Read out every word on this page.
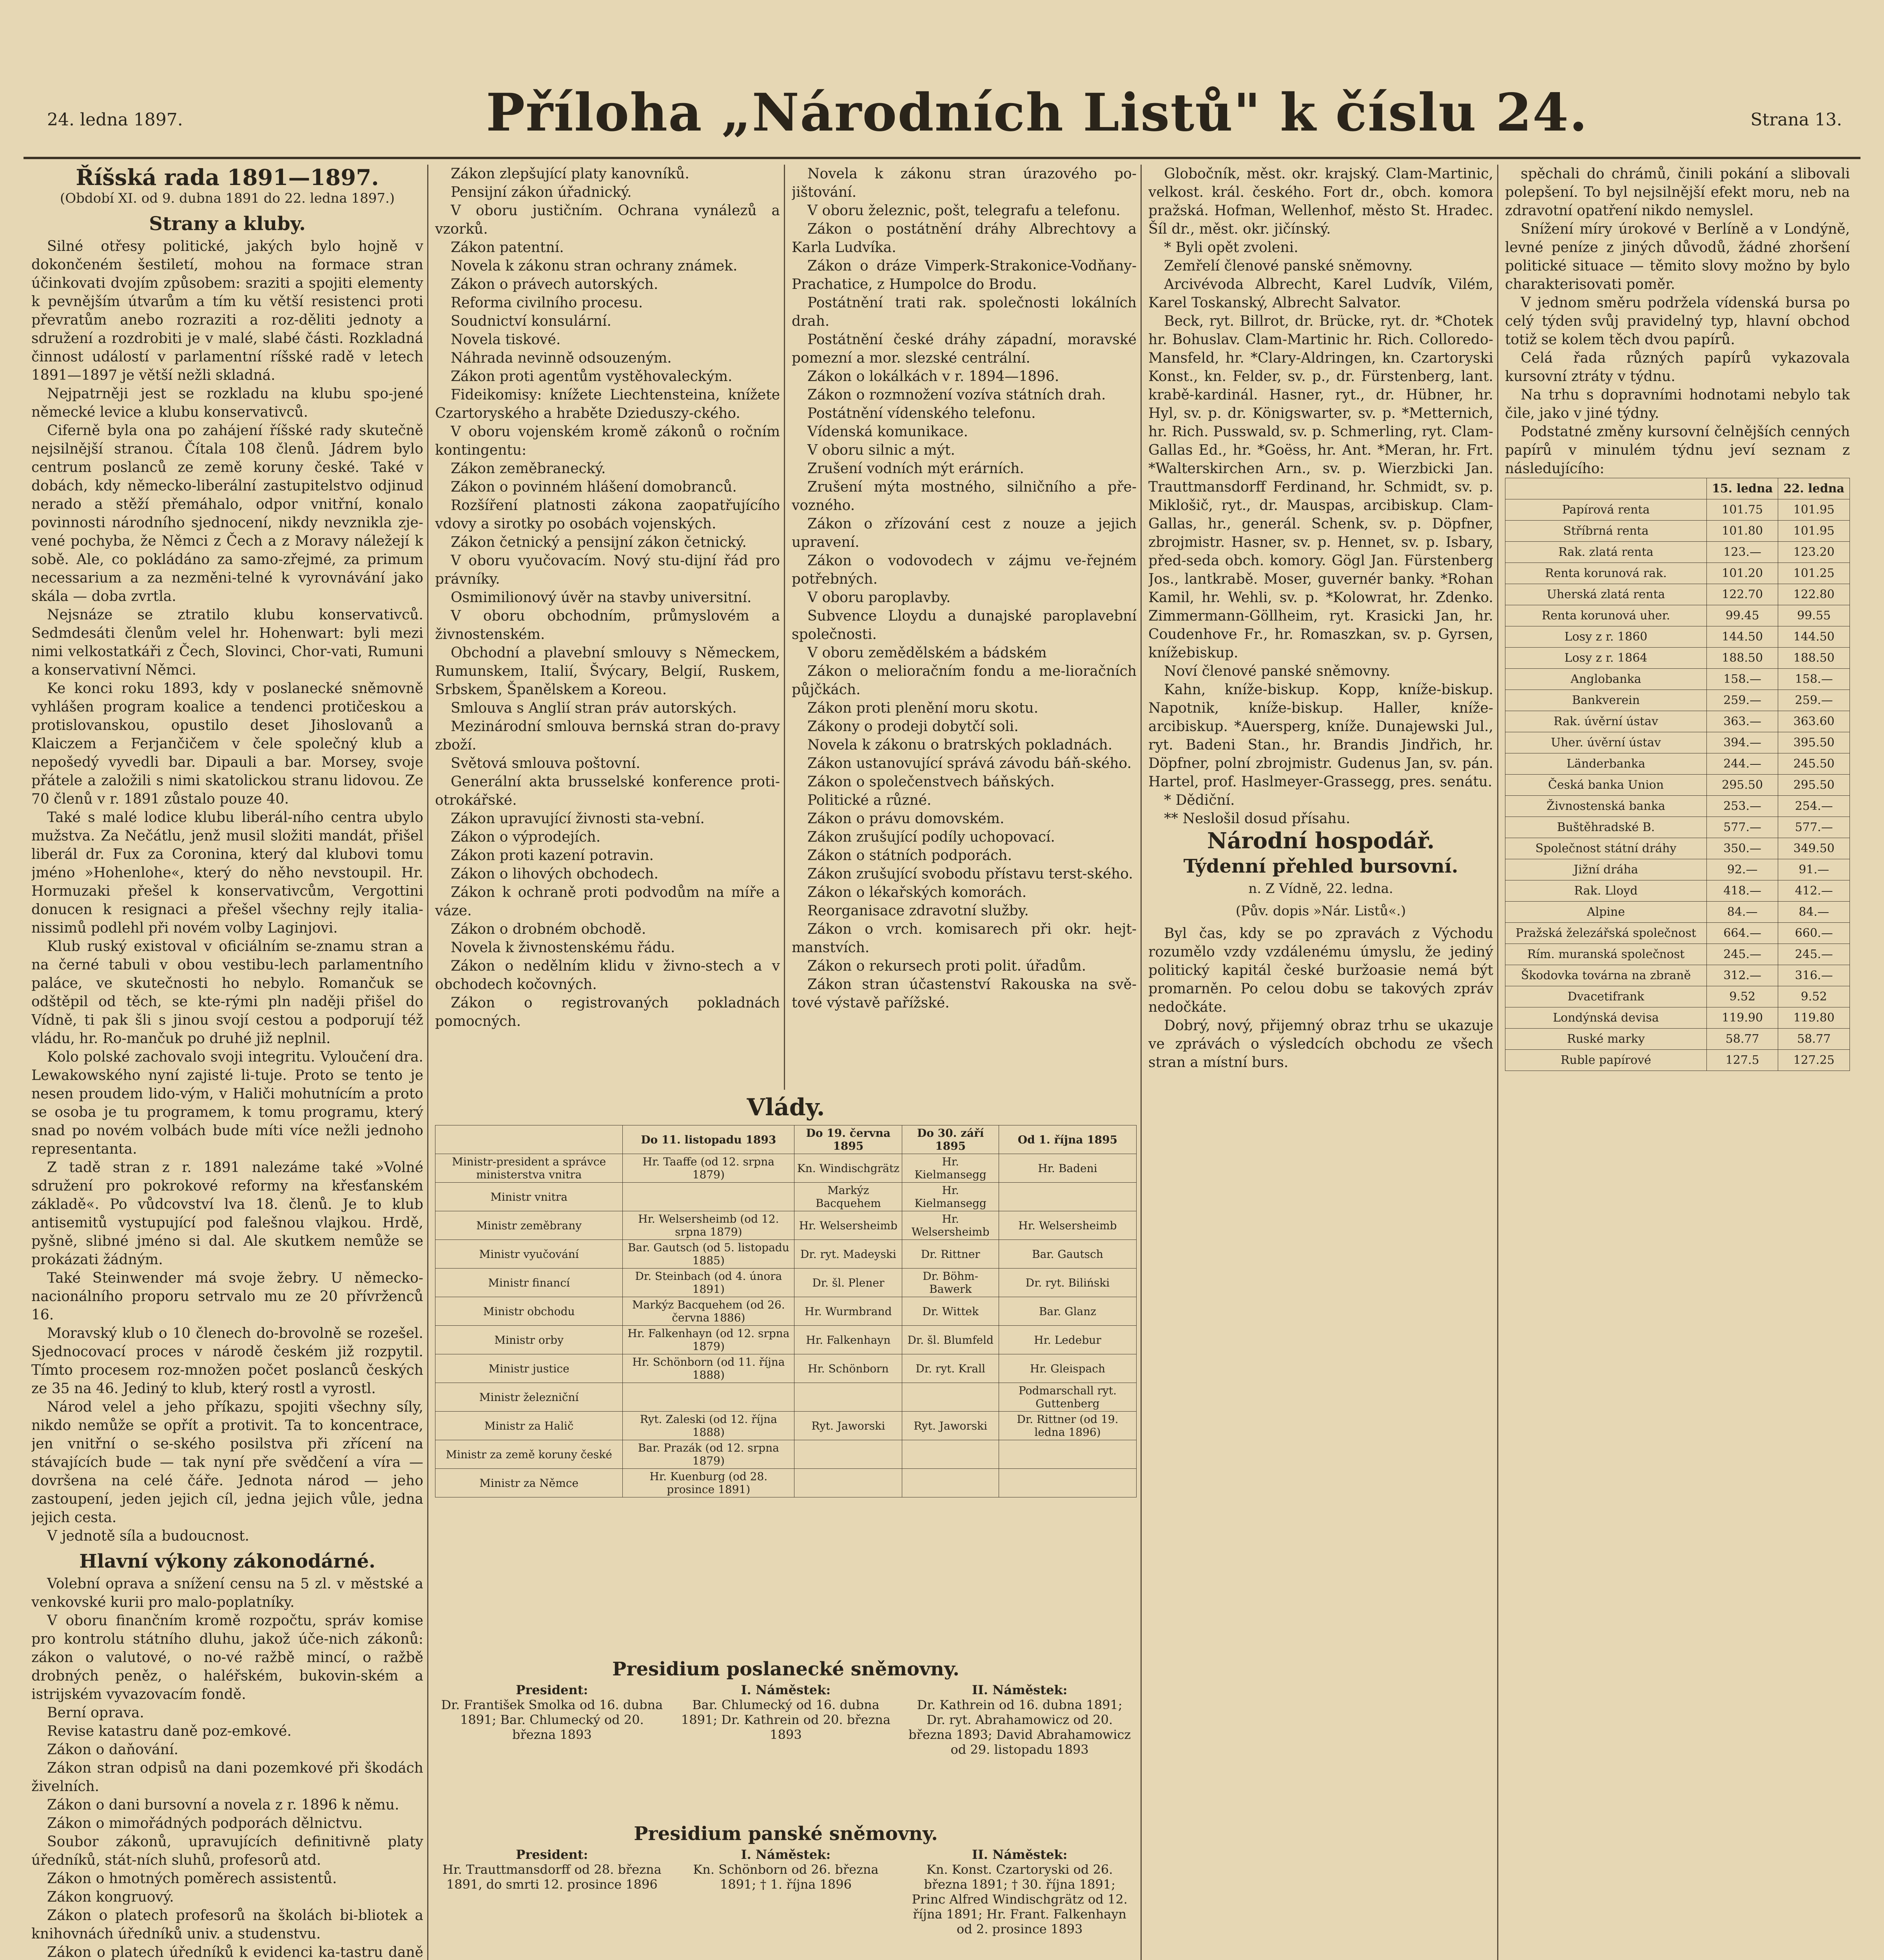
24. ledna 1897.	Příloha „Národních Listů" k číslu 24.	Strana 13.
Říšská rada 1891—1897.
(Období XI. od 9. dubna 1891 do 22. ledna 1897.)
Strany a kluby.

Silné otřesy politické, jakých bylo hojně v dokončeném šestiletí, mohou na formace stran účinkovati dvojím způsobem: sraziti a spojiti elementy k pevnějším útvarům a tím ku větší resistenci proti převratům anebo rozraziti a roz-děliti jednoty a sdružení a rozdrobiti je v malé, slabé části. Rozkladná činnost událostí v parlamentní ríšské radě v letech 1891—1897 je větší nežli skladná.

Nejpatrněji jest se rozkladu na klubu spo-jené německé levice a klubu konservativců.

Ciferně byla ona po zahájení říšské rady skutečně nejsilnější stranou. Čítala 108 členů. Jádrem bylo centrum poslanců ze země koruny české. Také v dobách, kdy německo-liberální zastupitelstvo odjinud nerado a stěží přemáhalo, odpor vnitřní, konalo povinnosti národního sjednocení, nikdy nevznikla zje-vené pochyba, že Němci z Čech a z Moravy náležejí k sobě. Ale, co pokládáno za samo-zřejmé, za primum necessarium a za nezměni-telné k vyrovnávání jako skála — doba zvrtla.

Nejsnáze se ztratilo klubu konservativců. Sedmdesáti členům velel hr. Hohenwart: byli mezi nimi velkostatkáři z Čech, Slovinci, Chor-vati, Rumuni a konservativní Němci.

Ke konci roku 1893, kdy v poslanecké sněmovně vyhlášen program koalice a tendenci protičeskou a protislovanskou, opustilo deset Jihoslovanů a Klaiczem a Ferjančičem v čele společný klub a nepošedý vyvedli bar. Dipauli a bar. Morsey, svoje přátele a založili s nimi skatolickou stranu lidovou. Ze 70 členů v r. 1891 zůstalo pouze 40.

Také s malé lodice klubu liberál-ního centra ubylo mužstva. Za Nečátlu, jenž musil složiti mandát, přišel liberál dr. Fux za Coronina, který dal klubovi tomu jméno »Hohenlohe«, který do něho nevstoupil. Hr. Hormuzaki přešel k konservativcům, Vergottini donucen k resignaci a přešel všechny rejly italia-nissimů podlehl při novém volby Laginjovi.

Klub ruský existoval v oficiálním se-znamu stran a na černé tabuli v obou vestibu-lech parlamentního paláce, ve skutečnosti ho nebylo. Romančuk se odštěpil od těch, se kte-rými pln naději přišel do Vídně, ti pak šli s jinou svojí cestou a podporují též vládu, hr. Ro-mančuk po druhé již neplnil.

Kolo polské zachovalo svoji integritu. Vyloučení dra. Lewakowského nyní zajisté li-tuje. Proto se tento je nesen proudem lido-vým, v Haliči mohutnícím a proto se osoba je tu programem, k tomu programu, který snad po novém volbách bude míti více nežli jednoho representanta.

Z tadě stran z r. 1891 nalezáme také »Volné sdružení pro pokrokové reformy na křesťanském základě«. Po vůdcovství lva 18. členů. Je to klub antisemitů vystupující pod falešnou vlajkou. Hrdě, pyšně, slibné jméno si dal. Ale skutkem nemůže se prokázati žádným.

Také Steinwender má svoje žebry. U německo-nacionálního proporu setrvalo mu ze 20 přívrženců 16.

Moravský klub o 10 členech do-brovolně se rozešel. Sjednocovací proces v národě českém již rozpytil. Tímto procesem roz-množen počet poslanců českých ze 35 na 46. Jediný to klub, který rostl a vyrostl.

Národ velel a jeho příkazu, spojiti všechny síly, nikdo nemůže se opřít a protivit. Ta to koncentrace, jen vnitřní o se-ského posilstva při zřícení na stávajících bude — tak nyní pře svědčení a víra — dovršena na celé čáře. Jednota národ — jeho zastoupení, jeden jejich cíl, jedna jejich vůle, jedna jejich cesta.

V jednotě síla a budoucnost.

Hlavní výkony zákonodárné.

Volební oprava a snížení censu na 5 zl. v městské a venkovské kurii pro malo-poplatníky.

V oboru finančním kromě rozpočtu, správ komise pro kontrolu státního dluhu, jakož úče-nich zákonů: zákon o valutové, o no-vé ražbě mincí, o ražbě drobných peněz, o haléřském, bukovin-ském a istrijském vyvazovacím fondě.

Berní oprava.

Revise katastru daně poz-emkové.

Zákon o daňování.

Zákon stran odpisů na dani pozemkové při škodách živelních.

Zákon o dani bursovní a novela z r. 1896 k němu.

Zákon o mimořádných podporách dělnictvu.

Soubor zákonů, upravujících definitivně platy úředníků, stát-ních sluhů, profesorů atd.

Zákon o hmotných poměrech assistentů.

Zákon kongruový.

Zákon o platech profesorů na školách bi-bliotek a knihovnách úředníků univ. a studenstvu.

Zákon o platech úředníků k evidenci ka-tastru daně

Zákon zlepšující platy kanovníků.

Pensijní zákon úřadnický.

V oboru justičním. Ochrana vynálezů a vzorků.

Zákon patentní.

Novela k zákonu stran ochrany známek.

Zákon o právech autorských.

Reforma civilního procesu.

Soudnictví konsulární.

Novela tiskové.

Náhrada nevinně odsouzeným.

Zákon proti agentům vystěhovaleckým.

Fideikomisy: knížete Liechtensteina, knížete Czartoryského a hraběte Dzieduszy-ckého.

V oboru vojenském kromě zákonů o ročním kontingentu:

Zákon zeměbranecký.

Zákon o povinném hlášení domobranců.

Rozšíření platnosti zákona zaopatřujícího vdovy a sirotky po osobách vojenských.

Zákon četnický a pensijní zákon četnický.

V oboru vyučovacím. Nový stu-dijní řád pro právníky.

Osmimilionový úvěr na stavby universitní.

V oboru obchodním, průmyslovém a živnostenském.

Obchodní a plavební smlouvy s Německem, Rumunskem, Italií, Švýcary, Belgií, Ruskem, Srbskem, Španělskem a Koreou.

Smlouva s Anglií stran práv autorských.

Mezinárodní smlouva bernská stran do-pravy zboží.

Světová smlouva poštovní.

Generální akta brusselské konference proti-otrokářské.

Zákon upravující živnosti sta-vební.

Zákon o výprodejích.

Zákon proti kazení potravin.

Zákon o lihových obchodech.

Zákon k ochraně proti podvodům na míře a váze.

Zákon o drobném obchodě.

Novela k živnostenskému řádu.

Zákon o nedělním klidu v živno-stech a v obchodech kočovných.

Zákon o registrovaných pokladnách pomocných.

Novela k zákonu stran úrazového po-jištování.

V oboru železnic, pošt, telegrafu a telefonu.

Zákon o postátnění dráhy Albrechtovy a Karla Ludvíka.

Zákon o dráze Vimperk-Strakonice-Vodňany-Prachatice, z Humpolce do Brodu.

Postátnění trati rak. společnosti lokálních drah.

Postátnění české dráhy západní, moravské pomezní a mor. slezské centrální.

Zákon o lokálkách v r. 1894—1896.

Zákon o rozmnožení vozíva státních drah.

Postátnění vídenského telefonu.

Vídenská komunikace.

V oboru silnic a mýt.

Zrušení vodních mýt erárních.

Zrušení mýta mostného, silničního a pře-vozného.

Zákon o zřízování cest z nouze a jejich upravení.

Zákon o vodovodech v zájmu ve-řejném potřebných.

V oboru paroplavby.

Subvence Lloydu a dunajské paroplavební společnosti.

V oboru zemědělském a bádském

Zákon o melioračním fondu a me-lioračních půjčkách.

Zákon proti plenění moru skotu.

Zákony o prodeji dobytčí soli.

Novela k zákonu o bratrských pokladnách.

Zákon ustanovující správá závodu báň-ského.

Zákon o společenstvech báňských.

Politické a různé.

Zákon o právu domovském.

Zákon zrušující podíly uchopovací.

Zákon o státních podporách.

Zákon zrušující svobodu přístavu terst-ského.

Zákon o lékařských komorách.

Reorganisace zdravotní služby.

Zákon o vrch. komisarech při okr. hejt-manstvích.

Zákon o rekursech proti polit. úřadům.

Zákon stran účastenství Rakouska na svě-tové výstavě pařížské.

Vlády.
	Do 11. listopadu 1893	Do 19. června 1895	Do 30. září 1895	Od 1. října 1895
Ministr-president a správce ministerstva vnitra	Hr. Taaffe (od 12. srpna 1879)	Kn. Windischgrätz	Hr. Kielmansegg	Hr. Badeni
Ministr vnitra		Markýz Bacquehem	Hr. Kielmansegg	
Ministr zeměbrany	Hr. Welsersheimb (od 12. srpna 1879)	Hr. Welsersheimb	Hr. Welsersheimb	Hr. Welsersheimb
Ministr vyučování	Bar. Gautsch (od 5. listopadu 1885)	Dr. ryt. Madeyski	Dr. Rittner	Bar. Gautsch
Ministr financí	Dr. Steinbach (od 4. února 1891)	Dr. šl. Plener	Dr. Böhm-Bawerk	Dr. ryt. Biliński
Ministr obchodu	Markýz Bacquehem (od 26. června 1886)	Hr. Wurmbrand	Dr. Wittek	Bar. Glanz
Ministr orby	Hr. Falkenhayn (od 12. srpna 1879)	Hr. Falkenhayn	Dr. šl. Blumfeld	Hr. Ledebur
Ministr justice	Hr. Schönborn (od 11. října 1888)	Hr. Schönborn	Dr. ryt. Krall	Hr. Gleispach
Ministr železniční				Podmarschall ryt. Guttenberg
Ministr za Halič	Ryt. Zaleski (od 12. října 1888)	Ryt. Jaworski	Ryt. Jaworski	Dr. Rittner (od 19. ledna 1896)
Ministr za země koruny české	Bar. Prazák (od 12. srpna 1879)			
Ministr za Němce	Hr. Kuenburg (od 28. prosince 1891)			
Presidium poslanecké sněmovny.
President:
Dr. František Smolka od 16. dubna 1891; Bar. Chlumecký od 20. března 1893
I. Náměstek:
Bar. Chlumecký od 16. dubna 1891; Dr. Kathrein od 20. března 1893
II. Náměstek:
Dr. Kathrein od 16. dubna 1891; Dr. ryt. Abrahamowicz od 20. března 1893; David Abrahamowicz od 29. listopadu 1893
Presidium panské sněmovny.
President:
Hr. Trauttmansdorff od 28. března 1891, do smrti 12. prosince 1896
I. Náměstek:
Kn. Schönborn od 26. března 1891; † 1. října 1896
II. Náměstek:
Kn. Konst. Czartoryski od 26. března 1891; † 30. října 1891; Princ Alfred Windischgrätz od 12. října 1891; Hr. Frant. Falkenhayn od 2. prosince 1893

Globočník, měst. okr. krajský. Clam-Martinic, velkost. král. českého. Fort dr., obch. komora pražská. Hofman, Wellenhof, město St. Hradec. Šíl dr., měst. okr. jičínský.

* Byli opět zvoleni.

Zemřelí členové panské sněmovny.

Arcivévoda Albrecht, Karel Ludvík, Vilém, Karel Toskanský, Albrecht Salvator.

Beck, ryt. Billrot, dr. Brücke, ryt. dr. *Chotek hr. Bohuslav. Clam-Martinic hr. Rich. Colloredo-Mansfeld, hr. *Clary-Aldringen, kn. Czartoryski Konst., kn. Felder, sv. p., dr. Fürstenberg, lant. krabě-kardinál. Hasner, ryt., dr. Hübner, hr. Hyl, sv. p. dr. Königswarter, sv. p. *Metternich, hr. Rich. Pusswald, sv. p. Schmerling, ryt. Clam-Gallas Ed., hr. *Goëss, hr. Ant. *Meran, hr. Frt. *Walterskirchen Arn., sv. p. Wierzbicki Jan. Trauttmansdorff Ferdinand, hr. Schmidt, sv. p. Miklošič, ryt., dr. Mauspas, arcibiskup. Clam-Gallas, hr., generál. Schenk, sv. p. Döpfner, zbrojmistr. Hasner, sv. p. Hennet, sv. p. Isbary, před-seda obch. komory. Gögl Jan. Fürstenberg Jos., lantkrabě. Moser, guvernér banky. *Rohan Kamil, hr. Wehli, sv. p. *Kolowrat, hr. Zdenko. Zimmermann-Göllheim, ryt. Krasicki Jan, hr. Coudenhove Fr., hr. Romaszkan, sv. p. Gyrsen, knížebiskup.

Noví členové panské sněmovny.

Kahn, kníže-biskup. Kopp, kníže-biskup. Napotnik, kníže-biskup. Haller, kníže-arcibiskup. *Auersperg, kníže. Dunajewski Jul., ryt. Badeni Stan., hr. Brandis Jindřich, hr. Döpfner, polní zbrojmistr. Gudenus Jan, sv. pán. Hartel, prof. Haslmeyer-Grassegg, pres. senátu.

* Dědiční.

** Neslošil dosud přísahu.

Národní hospodář.
Týdenní přehled bursovní.
n. Z Vídně, 22. ledna.
(Pův. dopis »Nár. Listů«.)

Byl čas, kdy se po zpravách z Východu rozumělo vzdy vzdálenému úmyslu, že jediný politický kapitál české buržoasie nemá být promarněn. Po celou dobu se takových zpráv nedočkáte.

Dobrý, nový, přijemný obraz trhu se ukazuje ve zprávách o výsledcích obchodu ze všech stran a místní burs.

spěchali do chrámů, činili pokání a slibovali polepšení. To byl nejsilnější efekt moru, neb na zdravotní opatření nikdo nemyslel.

Snížení míry úrokové v Berlíně a v Londýně, levné peníze z jiných důvodů, žádné zhoršení politické situace — těmito slovy možno by bylo charakterisovati poměr.

V jednom směru podržela vídenská bursa po celý týden svůj pravidelný typ, hlavní obchod totiž se kolem těch dvou papírů.

Celá řada různých papírů vykazovala kursovní ztráty v týdnu.

Na trhu s dopravními hodnotami nebylo tak čile, jako v jiné týdny.

Podstatné změny kursovní čelnějších cenných papírů v minulém týdnu jeví seznam z následujícího:

	15. ledna	22. ledna
Papírová renta	101.75	101.95
Stříbrná renta	101.80	101.95
Rak. zlatá renta	123.—	123.20
Renta korunová rak.	101.20	101.25
Uherská zlatá renta	122.70	122.80
Renta korunová uher.	99.45	99.55
Losy z r. 1860	144.50	144.50
Losy z r. 1864	188.50	188.50
Anglobanka	158.—	158.—
Bankverein	259.—	259.—
Rak. úvěrní ústav	363.—	363.60
Uher. úvěrní ústav	394.—	395.50
Länderbanka	244.—	245.50
Česká banka Union	295.50	295.50
Živnostenská banka	253.—	254.—
Buštěhradské B.	577.—	577.—
Společnost státní dráhy	350.—	349.50
Jižní dráha	92.—	91.—
Rak. Lloyd	418.—	412.—
Alpine	84.—	84.—
Pražská železářská společnost	664.—	660.—
Rím. muranská společnost	245.—	245.—
Škodovka továrna na zbraně	312.—	316.—
Dvacetifrank	9.52	9.52
Londýnská devisa	119.90	119.80
Ruské marky	58.77	58.77
Ruble papírové	127.5	127.25
